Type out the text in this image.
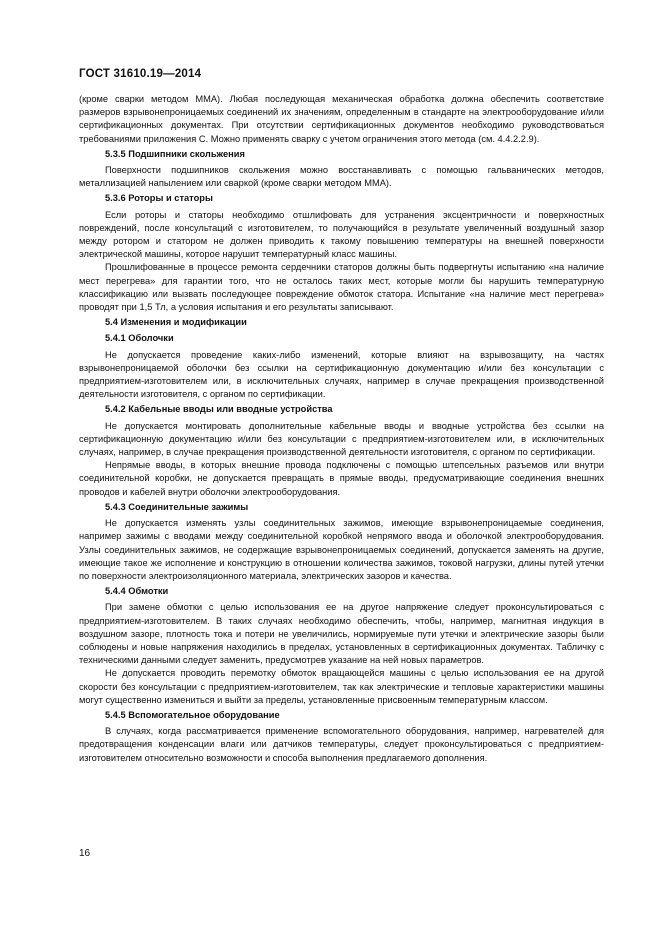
ГОСТ 31610.19—2014

(кроме сварки методом ММА). Любая последующая механическая обработка должна обеспечить соответствие размеров взрывонепроницаемых соединений их значениям, определенным в стандарте на электрооборудование и/или сертификационных документах. При отсутствии сертификационных документов необходимо руководствоваться требованиями приложения С. Можно применять сварку с учетом ограничения этого метода (см. 4.4.2.2.9).

5.3.5 Подшипники скольжения

Поверхности подшипников скольжения можно восстанавливать с помощью гальванических методов, металлизацией напылением или сваркой (кроме сварки методом ММА).

5.3.6 Роторы и статоры

Если роторы и статоры необходимо отшлифовать для устранения эксцентричности и поверхностных повреждений, после консультаций с изготовителем, то получающийся в результате увеличенный воздушный зазор между ротором и статором не должен приводить к такому повышению температуры на внешней поверхности электрической машины, которое нарушит температурный класс машины.

Прошлифованные в процессе ремонта сердечники статоров должны быть подвергнуты испытанию «на наличие мест перегрева» для гарантии того, что не осталось таких мест, которые могли бы нарушить температурную классификацию или вызвать последующее повреждение обмоток статора. Испытание «на наличие мест перегрева» проводят при 1,5 Тл, а условия испытания и его результаты записывают.

5.4 Изменения и модификации
5.4.1 Оболочки

Не допускается проведение каких-либо изменений, которые влияют на взрывозащиту, на частях взрывонепроницаемой оболочки без ссылки на сертификационную документацию и/или без консультации с предприятием-изготовителем или, в исключительных случаях, например в случае прекращения производственной деятельности изготовителя, с органом по сертификации.

5.4.2 Кабельные вводы или вводные устройства

Не допускается монтировать дополнительные кабельные вводы и вводные устройства без ссылки на сертификационную документацию и/или без консультации с предприятием-изготовителем или, в исключительных случаях, например, в случае прекращения производственной деятельности изготовителя, с органом по сертификации.

Непрямые вводы, в которых внешние провода подключены с помощью штепсельных разъемов или внутри соединительной коробки, не допускается превращать в прямые вводы, предусматривающие соединения внешних проводов и кабелей внутри оболочки электрооборудования.

5.4.3 Соединительные зажимы

Не допускается изменять узлы соединительных зажимов, имеющие взрывонепроницаемые соединения, например зажимы с вводами между соединительной коробкой непрямого ввода и оболочкой электрооборудования. Узлы соединительных зажимов, не содержащие взрывонепроницаемых соединений, допускается заменять на другие, имеющие такое же исполнение и конструкцию в отношении количества зажимов, токовой нагрузки, длины путей утечки по поверхности электроизоляционного материала, электрических зазоров и качества.

5.4.4 Обмотки

При замене обмотки с целью использования ее на другое напряжение следует проконсультироваться с предприятием-изготовителем. В таких случаях необходимо обеспечить, чтобы, например, магнитная индукция в воздушном зазоре, плотность тока и потери не увеличились, нормируемые пути утечки и электрические зазоры были соблюдены и новые напряжения находились в пределах, установленных в сертификационных документах. Табличку с техническими данными следует заменить, предусмотрев указание на ней новых параметров.

Не допускается проводить перемотку обмоток вращающейся машины с целью использования ее на другой скорости без консультации с предприятием-изготовителем, так как электрические и тепловые характеристики машины могут существенно измениться и выйти за пределы, установленные присвоенным температурным классом.

5.4.5 Вспомогательное оборудование

В случаях, когда рассматривается применение вспомогательного оборудования, например, нагревателей для предотвращения конденсации влаги или датчиков температуры, следует проконсультироваться с предприятием-изготовителем относительно возможности и способа выполнения предлагаемого дополнения.

16
